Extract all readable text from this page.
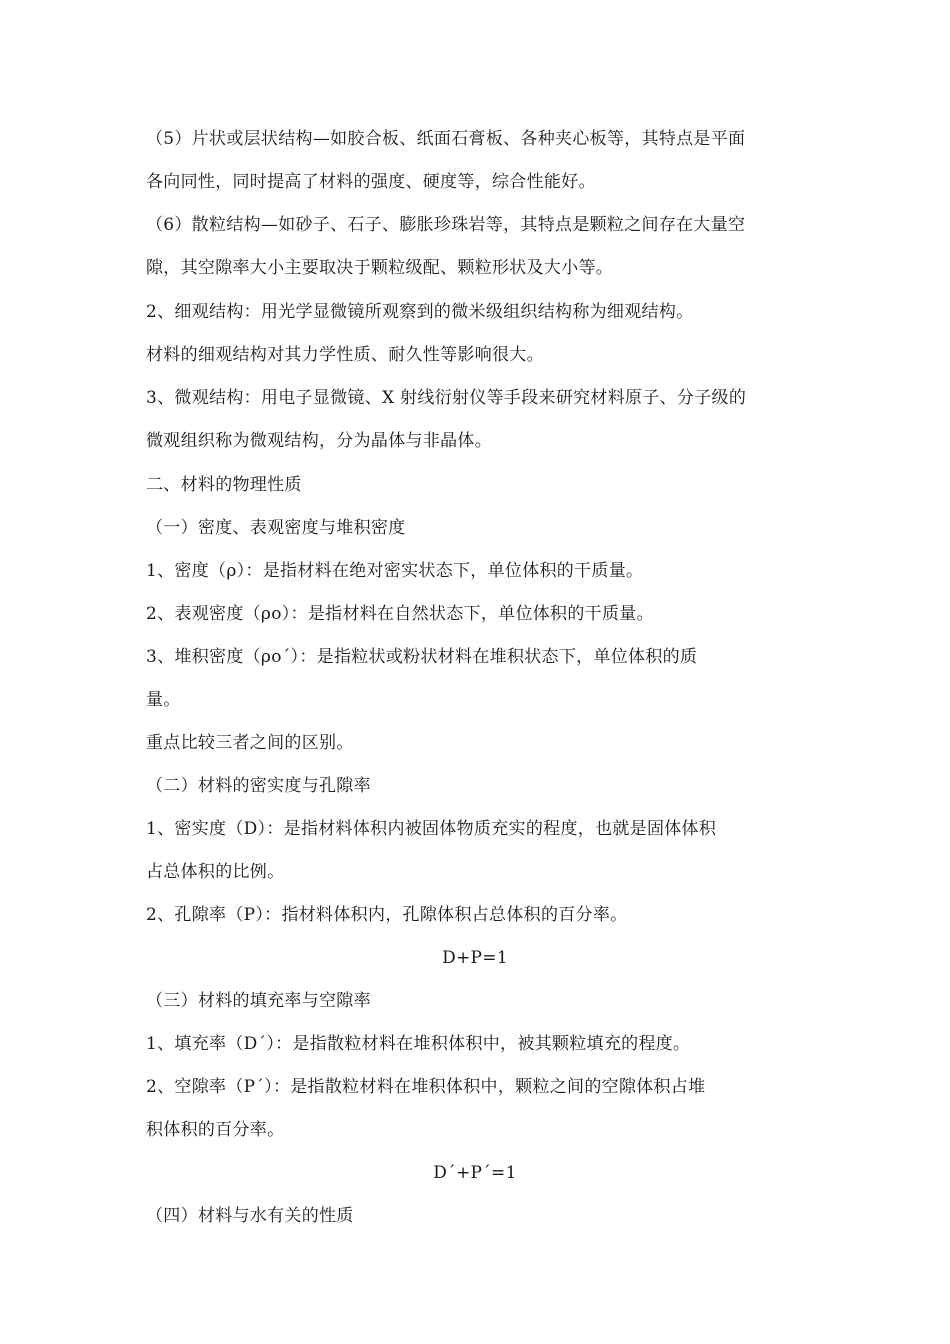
（5）片状或层状结构—如胶合板、纸面石膏板、各种夹心板等，其特点是平面
各向同性，同时提高了材料的强度、硬度等，综合性能好。
（6）散粒结构—如砂子、石子、膨胀珍珠岩等，其特点是颗粒之间存在大量空
隙，其空隙率大小主要取决于颗粒级配、颗粒形状及大小等。
2、细观结构：用光学显微镜所观察到的微米级组织结构称为细观结构。
材料的细观结构对其力学性质、耐久性等影响很大。
3、微观结构：用电子显微镜、X 射线衍射仪等手段来研究材料原子、分子级的
微观组织称为微观结构，分为晶体与非晶体。
二、材料的物理性质
（一）密度、表观密度与堆积密度
1、密度（ρ）：是指材料在绝对密实状态下，单位体积的干质量。
2、表观密度（ρo）：是指材料在自然状态下，单位体积的干质量。
3、堆积密度（ρo´）：是指粒状或粉状材料在堆积状态下，单位体积的质
量。
重点比较三者之间的区别。
（二）材料的密实度与孔隙率
1、密实度（D）：是指材料体积内被固体物质充实的程度，也就是固体体积
占总体积的比例。
2、孔隙率（P）：指材料体积内，孔隙体积占总体积的百分率。
D+P=1
（三）材料的填充率与空隙率
1、填充率（D´）：是指散粒材料在堆积体积中，被其颗粒填充的程度。
2、空隙率（P´）：是指散粒材料在堆积体积中，颗粒之间的空隙体积占堆
积体积的百分率。
D´+P´=1
（四）材料与水有关的性质
